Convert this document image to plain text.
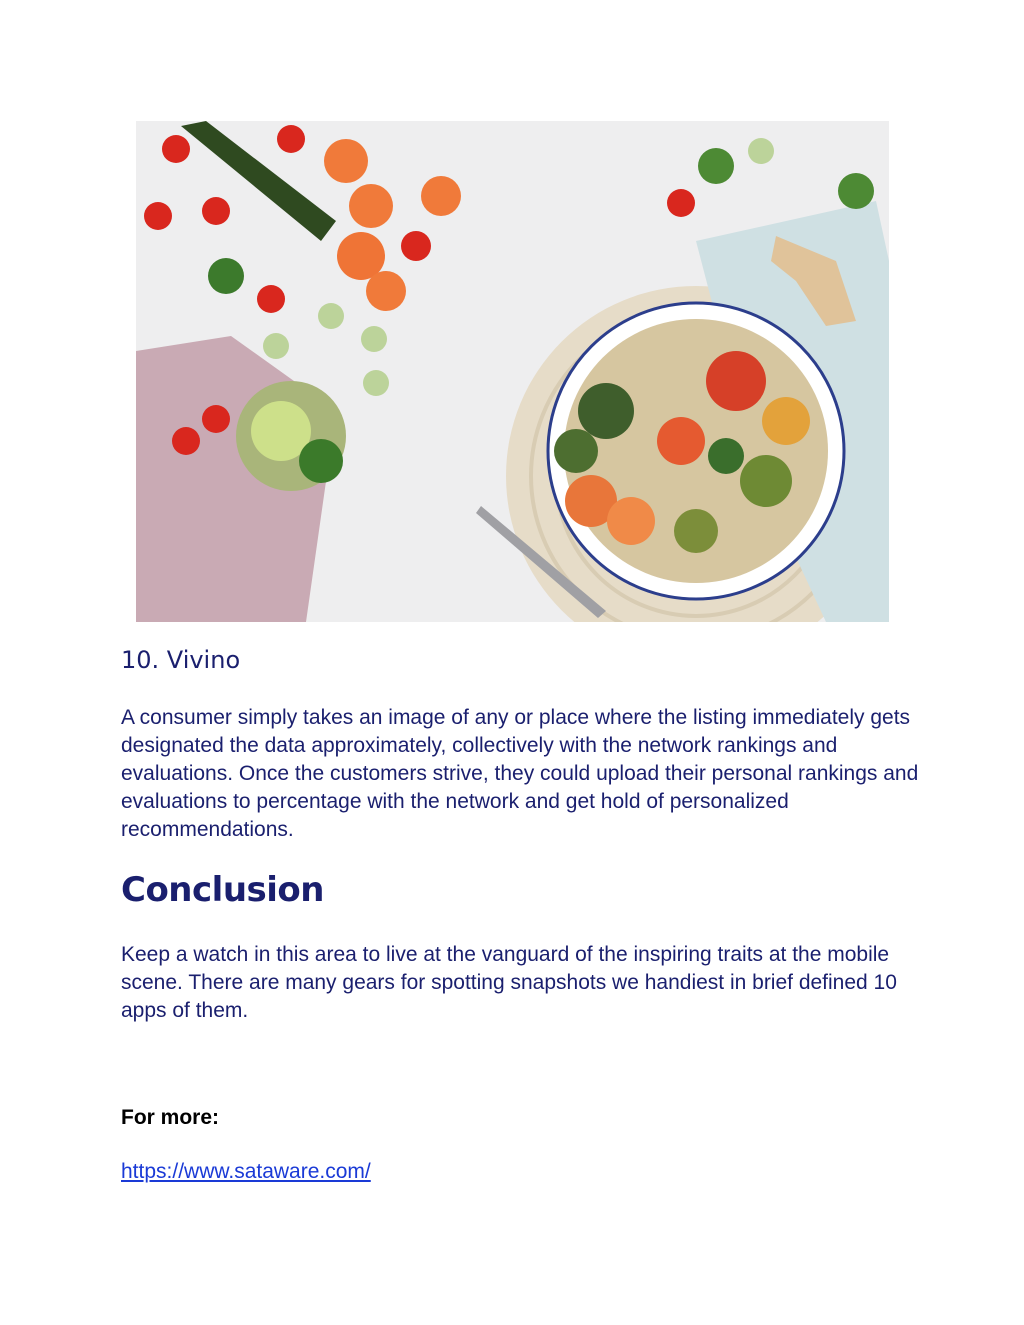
10. Vivino

A consumer simply takes an image of any or place where the listing immediately gets designated the data approximately, collectively with the network rankings and evaluations. Once the customers strive, they could upload their personal rankings and evaluations to percentage with the network and get hold of personalized recommendations.

Conclusion

Keep a watch in this area to live at the vanguard of the inspiring traits at the mobile scene. There are many gears for spotting snapshots we handiest in brief defined 10 apps of them.

For more:

https://www.sataware.com/
